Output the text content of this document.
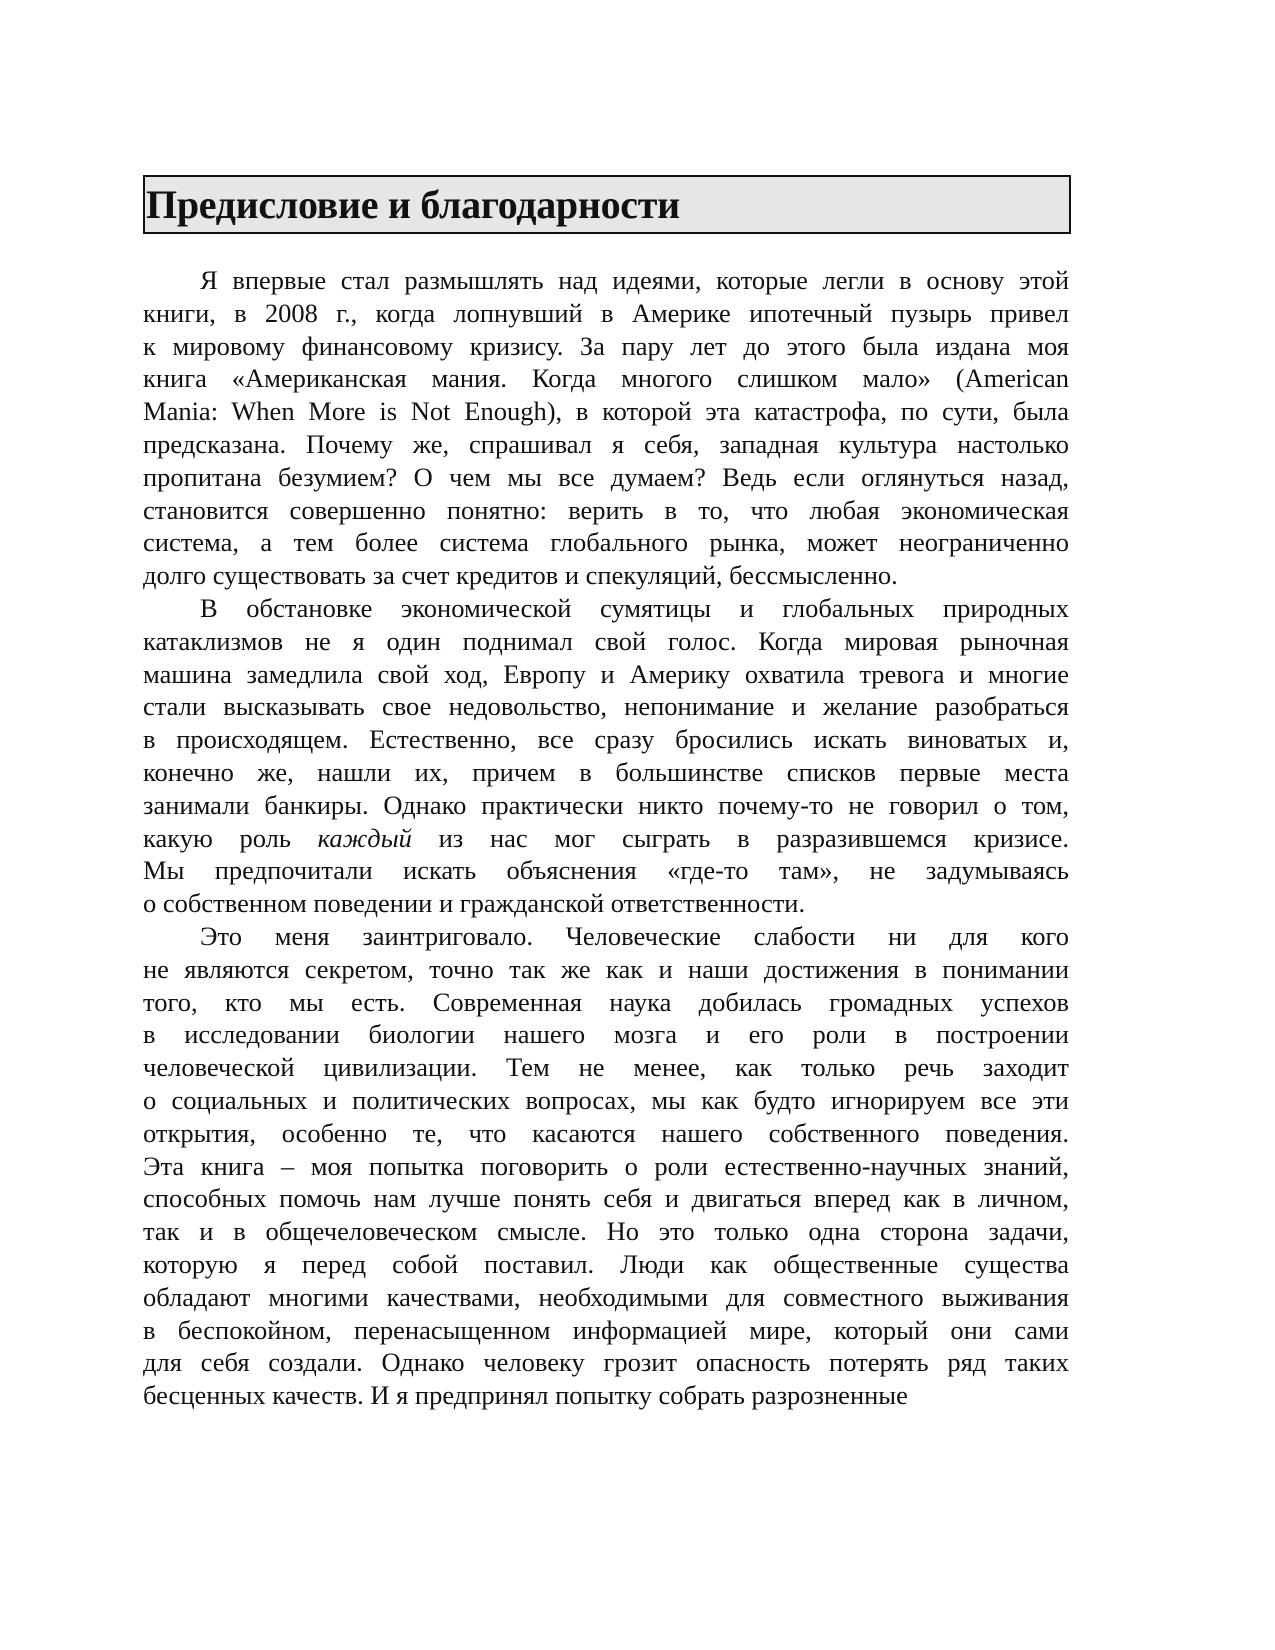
Предисловие и благодарности
Я впервые стал размышлять над идеями, которые легли в основу этой
книги, в 2008 г., когда лопнувший в Америке ипотечный пузырь привел
к мировому финансовому кризису. За пару лет до этого была издана моя
книга «Американская мания. Когда многого слишком мало» (American
Mania: When More is Not Enough), в которой эта катастрофа, по сути, была
предсказана. Почему же, спрашивал я себя, западная культура настолько
пропитана безумием? О чем мы все думаем? Ведь если оглянуться назад,
становится совершенно понятно: верить в то, что любая экономическая
система, а тем более система глобального рынка, может неограниченно
долго существовать за счет кредитов и спекуляций, бессмысленно.
В обстановке экономической сумятицы и глобальных природных
катаклизмов не я один поднимал свой голос. Когда мировая рыночная
машина замедлила свой ход, Европу и Америку охватила тревога и многие
стали высказывать свое недовольство, непонимание и желание разобраться
в происходящем. Естественно, все сразу бросились искать виноватых и,
конечно же, нашли их, причем в большинстве списков первые места
занимали банкиры. Однако практически никто почему-то не говорил о том,
какую роль каждый из нас мог сыграть в разразившемся кризисе.
Мы предпочитали искать объяснения «где-то там», не задумываясь
о собственном поведении и гражданской ответственности.
Это меня заинтриговало. Человеческие слабости ни для кого
не являются секретом, точно так же как и наши достижения в понимании
того, кто мы есть. Современная наука добилась громадных успехов
в исследовании биологии нашего мозга и его роли в построении
человеческой цивилизации. Тем не менее, как только речь заходит
о социальных и политических вопросах, мы как будто игнорируем все эти
открытия, особенно те, что касаются нашего собственного поведения.
Эта книга – моя попытка поговорить о роли естественно-научных знаний,
способных помочь нам лучше понять себя и двигаться вперед как в личном,
так и в общечеловеческом смысле. Но это только одна сторона задачи,
которую я перед собой поставил. Люди как общественные существа
обладают многими качествами, необходимыми для совместного выживания
в беспокойном, перенасыщенном информацией мире, который они сами
для себя создали. Однако человеку грозит опасность потерять ряд таких
бесценных качеств. И я предпринял попытку собрать разрозненные
